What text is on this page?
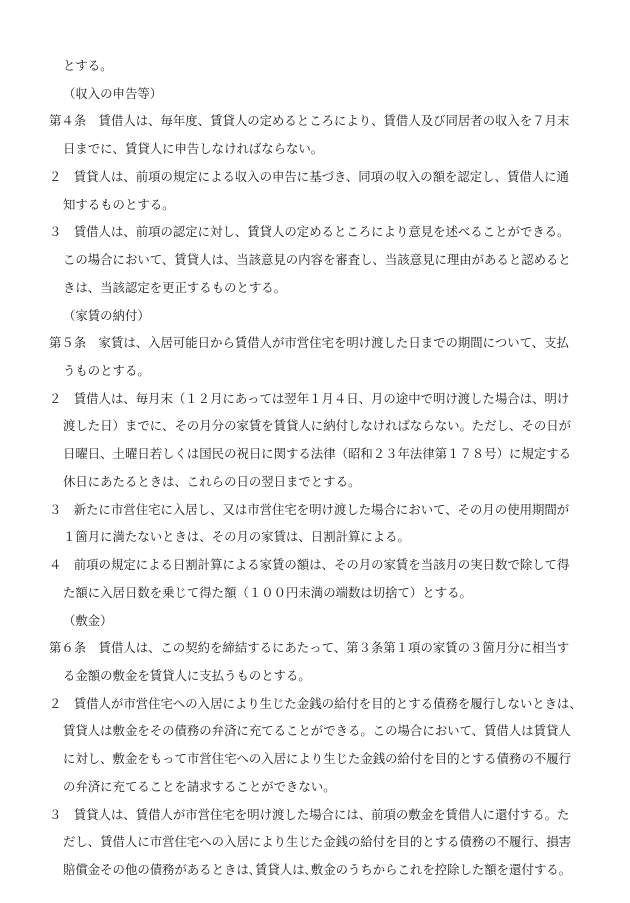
とする。
（収入の申告等）
第４条　賃借人は、毎年度、賃貸人の定めるところにより、賃借人及び同居者の収入を７月末
日までに、賃貸人に申告しなければならない。
２　賃貸人は、前項の規定による収入の申告に基づき、同項の収入の額を認定し、賃借人に通
知するものとする。
３　賃借人は、前項の認定に対し、賃貸人の定めるところにより意見を述べることができる。
この場合において、賃貸人は、当該意見の内容を審査し、当該意見に理由があると認めると
きは、当該認定を更正するものとする。
（家賃の納付）
第５条　家賃は、入居可能日から賃借人が市営住宅を明け渡した日までの期間について、支払
うものとする。
２　賃借人は、毎月末（１２月にあっては翌年１月４日、月の途中で明け渡した場合は、明け
渡した日）までに、その月分の家賃を賃貸人に納付しなければならない。ただし、その日が
日曜日、土曜日若しくは国民の祝日に関する法律（昭和２３年法律第１７８号）に規定する
休日にあたるときは、これらの日の翌日までとする。
３　新たに市営住宅に入居し、又は市営住宅を明け渡した場合において、その月の使用期間が
１箇月に満たないときは、その月の家賃は、日割計算による。
４　前項の規定による日割計算による家賃の額は、その月の家賃を当該月の実日数で除して得
た額に入居日数を乗じて得た額（１００円未満の端数は切捨て）とする。
（敷金）
第６条　賃借人は、この契約を締結するにあたって、第３条第１項の家賃の３箇月分に相当す
る金額の敷金を賃貸人に支払うものとする。
２　賃借人が市営住宅への入居により生じた金銭の給付を目的とする債務を履行しないときは、
賃貸人は敷金をその債務の弁済に充てることができる。この場合において、賃借人は賃貸人
に対し、敷金をもって市営住宅への入居により生じた金銭の給付を目的とする債務の不履行
の弁済に充てることを請求することができない。
３　賃貸人は、賃借人が市営住宅を明け渡した場合には、前項の敷金を賃借人に還付する。た
だし、賃借人に市営住宅への入居により生じた金銭の給付を目的とする債務の不履行、損害
賠償金その他の債務があるときは､賃貸人は､敷金のうちからこれを控除した額を還付する。
